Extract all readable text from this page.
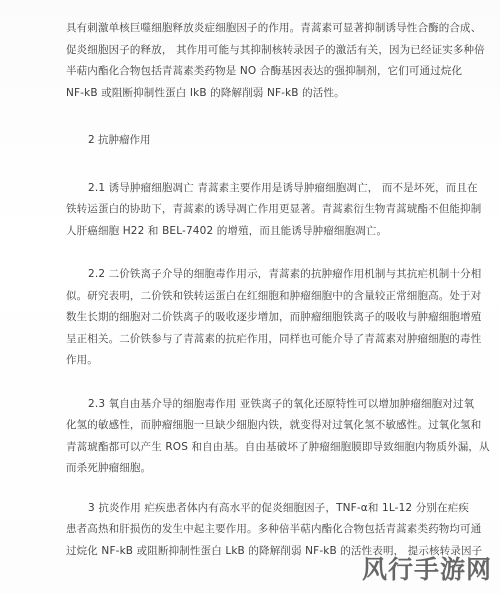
具有刺激单核巨噬细胞释放炎症细胞因子的作用。青蒿素可显著抑制诱导性合酶的合成、
促炎细胞因子的释放， 其作用可能与其抑制核转录因子的激活有关，因为已经证实多种倍
半萜内酯化合物包括青蒿素类药物是 NO 合酶基因表达的强抑制剂，它们可通过烷化
NF-kB 或阻断抑制性蛋白 IkB 的降解削弱 NF-kB 的活性。

2 抗肿瘤作用

2.1 诱导肿瘤细胞凋亡 青蒿素主要作用是诱导肿瘤细胞凋亡， 而不是坏死，而且在
铁转运蛋白的协助下，青蒿素的诱导凋亡作用更显著。青蒿素衍生物青蒿琥酯不但能抑制
人肝癌细胞 H22 和 BEL-7402 的增殖，而且能诱导肿瘤细胞凋亡。

2.2 二价铁离子介导的细胞毒作用示，青蒿素的抗肿瘤作用机制与其抗疟机制十分相
似。研究表明，二价铁和铁转运蛋白在红细胞和肿瘤细胞中的含量较正常细胞高。处于对
数生长期的细胞对二价铁离子的吸收逐步增加，而肿瘤细胞铁离子的吸收与肿瘤细胞增殖
呈正相关。二价铁参与了青蒿素的抗疟作用，同样也可能介导了青蒿素对肿瘤细胞的毒性
作用。

2.3 氧自由基介导的细胞毒作用 亚铁离子的氧化还原特性可以增加肿瘤细胞对过氧
化氢的敏感性，而肿瘤细胞一旦缺少细胞内铁，就变得对过氧化氢不敏感性。过氧化氢和
青蒿琥酯都可以产生 ROS 和自由基。自由基破坏了肿瘤细胞膜即导致细胞内物质外漏，从
而杀死肿瘤细胞。

3 抗炎作用 疟疾患者体内有高水平的促炎细胞因子，TNF-α和 1L-12 分别在疟疾
患者高热和肝损伤的发生中起主要作用。多种倍半萜内酯化合物包括青蒿素类药物均可通
过烷化 NF-kB 或阻断抑制性蛋白 LkB 的降解削弱 NF-kB 的活性表明， 提示核转录因子

风行手游网
